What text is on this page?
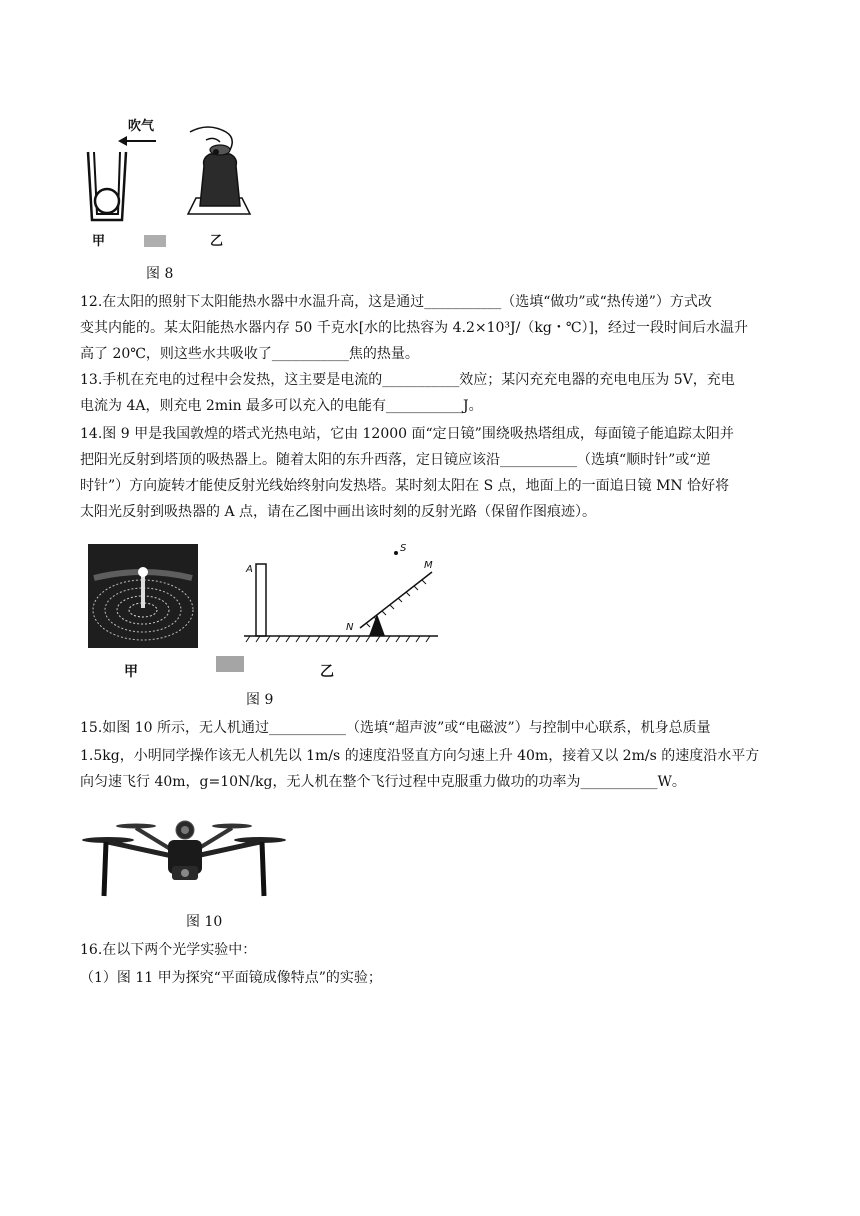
吹气
甲	乙
图 8
12.在太阳的照射下太阳能热水器中水温升高，这是通过___________（选填“做功”或“热传递”）方式改
变其内能的。某太阳能热水器内存 50 千克水[水的比热容为 4.2×10³J/（kg・℃）]，经过一段时间后水温升
高了 20℃，则这些水共吸收了___________焦的热量。
13.手机在充电的过程中会发热，这主要是电流的___________效应；某闪充充电器的充电电压为 5V，充电
电流为 4A，则充电 2min 最多可以充入的电能有___________J。
14.图 9 甲是我国敦煌的塔式光热电站，它由 12000 面“定日镜”围绕吸热塔组成，每面镜子能追踪太阳并
把阳光反射到塔顶的吸热器上。随着太阳的东升西落，定日镜应该沿___________（选填“顺时针”或“逆
时针”）方向旋转才能使反射光线始终射向发热塔。某时刻太阳在 S 点，地面上的一面追日镜 MN 恰好将
太阳光反射到吸热器的 A 点，请在乙图中画出该时刻的反射光路（保留作图痕迹）。
甲
A
S
M
N
乙
图 9
15.如图 10 所示，无人机通过___________（选填“超声波”或“电磁波”）与控制中心联系，机身总质量
1.5kg，小明同学操作该无人机先以 1m/s 的速度沿竖直方向匀速上升 40m，接着又以 2m/s 的速度沿水平方
向匀速飞行 40m，g=10N/kg，无人机在整个飞行过程中克服重力做功的功率为___________W。
图 10
16.在以下两个光学实验中：
（1）图 11 甲为探究“平面镜成像特点”的实验；
